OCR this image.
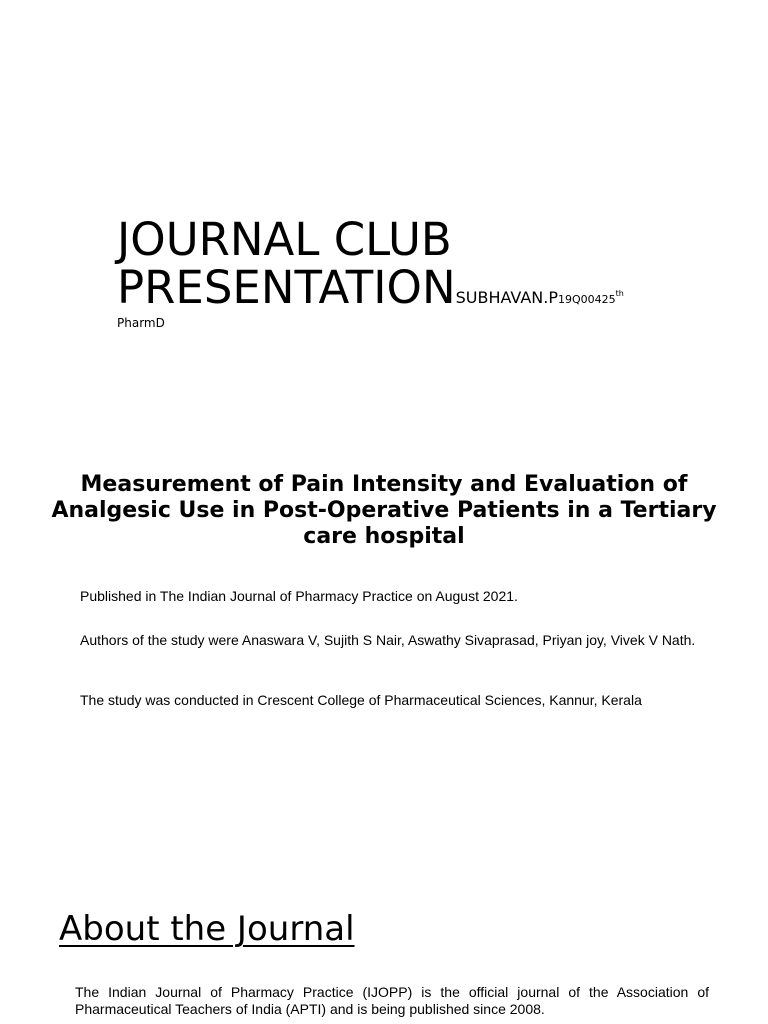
JOURNAL CLUB
PRESENTATIONSUBHAVAN.P19Q00425th
PharmD
Measurement of Pain Intensity and Evaluation of Analgesic Use in Post-Operative Patients in a Tertiary care hospital
Published in The Indian Journal of Pharmacy Practice on August 2021.
Authors of the study were Anaswara V, Sujith S Nair, Aswathy Sivaprasad, Priyan joy, Vivek V Nath.
The study was conducted in Crescent College of Pharmaceutical Sciences, Kannur, Kerala
About the Journal
The Indian Journal of Pharmacy Practice (IJOPP) is the official journal of the Association of Pharmaceutical Teachers of India (APTI) and is being published since 2008.
